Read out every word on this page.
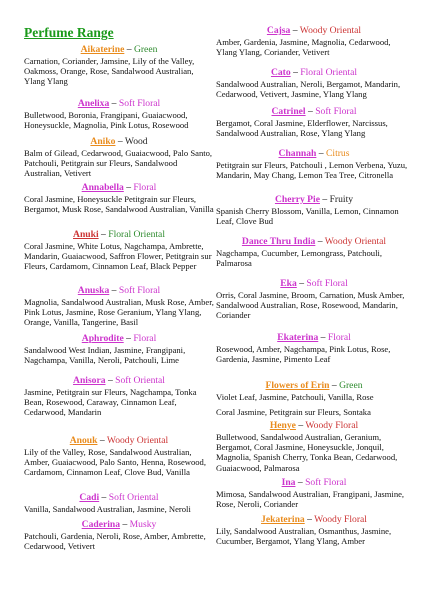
Perfume Range
Aikaterine – Green
Carnation, Coriander, Jamsine, Lily of the Valley, Oakmoss, Orange, Rose, Sandalwood Australian, Ylang Ylang
Anelixa – Soft Floral
Bulletwood, Boronia, Frangipani, Guaiacwood, Honeysuckle, Magnolia, Pink Lotus, Rosewood
Aniko – Wood
Balm of Gilead, Cedarwood, Guaiacwood, Palo Santo, Patchouli, Petitgrain sur Fleurs, Sandalwood Australian, Vetivert
Annabella – Floral
Coral Jasmine, Honeysuckle Petitgrain sur Fleurs, Bergamot, Musk Rose, Sandalwood Australian, Vanilla
Anuki – Floral Oriental
Coral Jasmine, White Lotus, Nagchampa, Ambrette, Mandarin, Guaiacwood, Saffron Flower, Petitgrain sur Fleurs, Cardamom, Cinnamon Leaf, Black Pepper
Anuska – Soft Floral
Magnolia, Sandalwood Australian, Musk Rose, Amber, Pink Lotus, Jasmine, Rose Geranium, Ylang Ylang, Orange, Vanilla, Tangerine, Basil
Aphrodite – Floral
Sandalwood West Indian, Jasmine, Frangipani, Nagchampa, Vanilla, Neroli, Patchouli, Lime
Anisora – Soft Oriental
Jasmine, Petitgrain sur Fleurs, Nagchampa, Tonka Bean, Rosewood, Caraway, Cinnamon Leaf, Cedarwood, Mandarin
Anouk – Woody Oriental
Lily of the Valley, Rose, Sandalwood Australian, Amber, Guaiacwood, Palo Santo, Henna, Rosewood, Cardamom, Cinnamon Leaf, Clove Bud, Vanilla
Cadi – Soft Oriental
Vanilla, Sandalwood Australian, Jasmine, Neroli
Caderina – Musky
Patchouli, Gardenia, Neroli, Rose, Amber, Ambrette, Cedarwood, Vetivert
Cajsa – Woody Oriental
Amber, Gardenia, Jasmine, Magnolia, Cedarwood, Ylang Ylang, Coriander, Vetivert
Cato – Floral Oriental
Sandalwood Australian, Neroli, Bergamot, Mandarin, Cedarwood, Vetivert, Jasmine, Ylang Ylang
Catrinel – Soft Floral
Bergamot, Coral Jasmine, Elderflower, Narcissus, Sandalwood Australian, Rose, Ylang Ylang
Channah – Citrus
Petitgrain sur Fleurs, Patchouli , Lemon Verbena, Yuzu, Mandarin, May Chang, Lemon Tea Tree, Citronella
Cherry Pie – Fruity
Spanish Cherry Blossom, Vanilla, Lemon, Cinnamon Leaf, Clove Bud
Dance Thru India – Woody Oriental
Nagchampa, Cucumber, Lemongrass, Patchouli, Palmarosa
Eka – Soft Floral
Orris, Coral Jasmine, Broom, Carnation, Musk Amber, Sandalwood Australian, Rose, Rosewood, Mandarin, Coriander
Ekaterina – Floral
Rosewood, Amber, Nagchampa, Pink Lotus, Rose, Gardenia, Jasmine, Pimento Leaf
Flowers of Erin – Green
Violet Leaf, Jasmine, Patchouli, Vanilla, Rose
Coral Jasmine, Petitgrain sur Fleurs, Sontaka
Henye – Woody Floral
Bulletwood, Sandalwood Australian, Geranium, Bergamot, Coral Jasmine, Honeysuckle, Jonquil, Magnolia, Spanish Cherry, Tonka Bean, Cedarwood, Guaiacwood, Palmarosa
Ina – Soft Floral
Mimosa, Sandalwood Australian, Frangipani, Jasmine, Rose, Neroli, Coriander
Jekaterina – Woody Floral
Lily, Sandalwood Australian, Osmanthus, Jasmine, Cucumber, Bergamot, Ylang Ylang, Amber
